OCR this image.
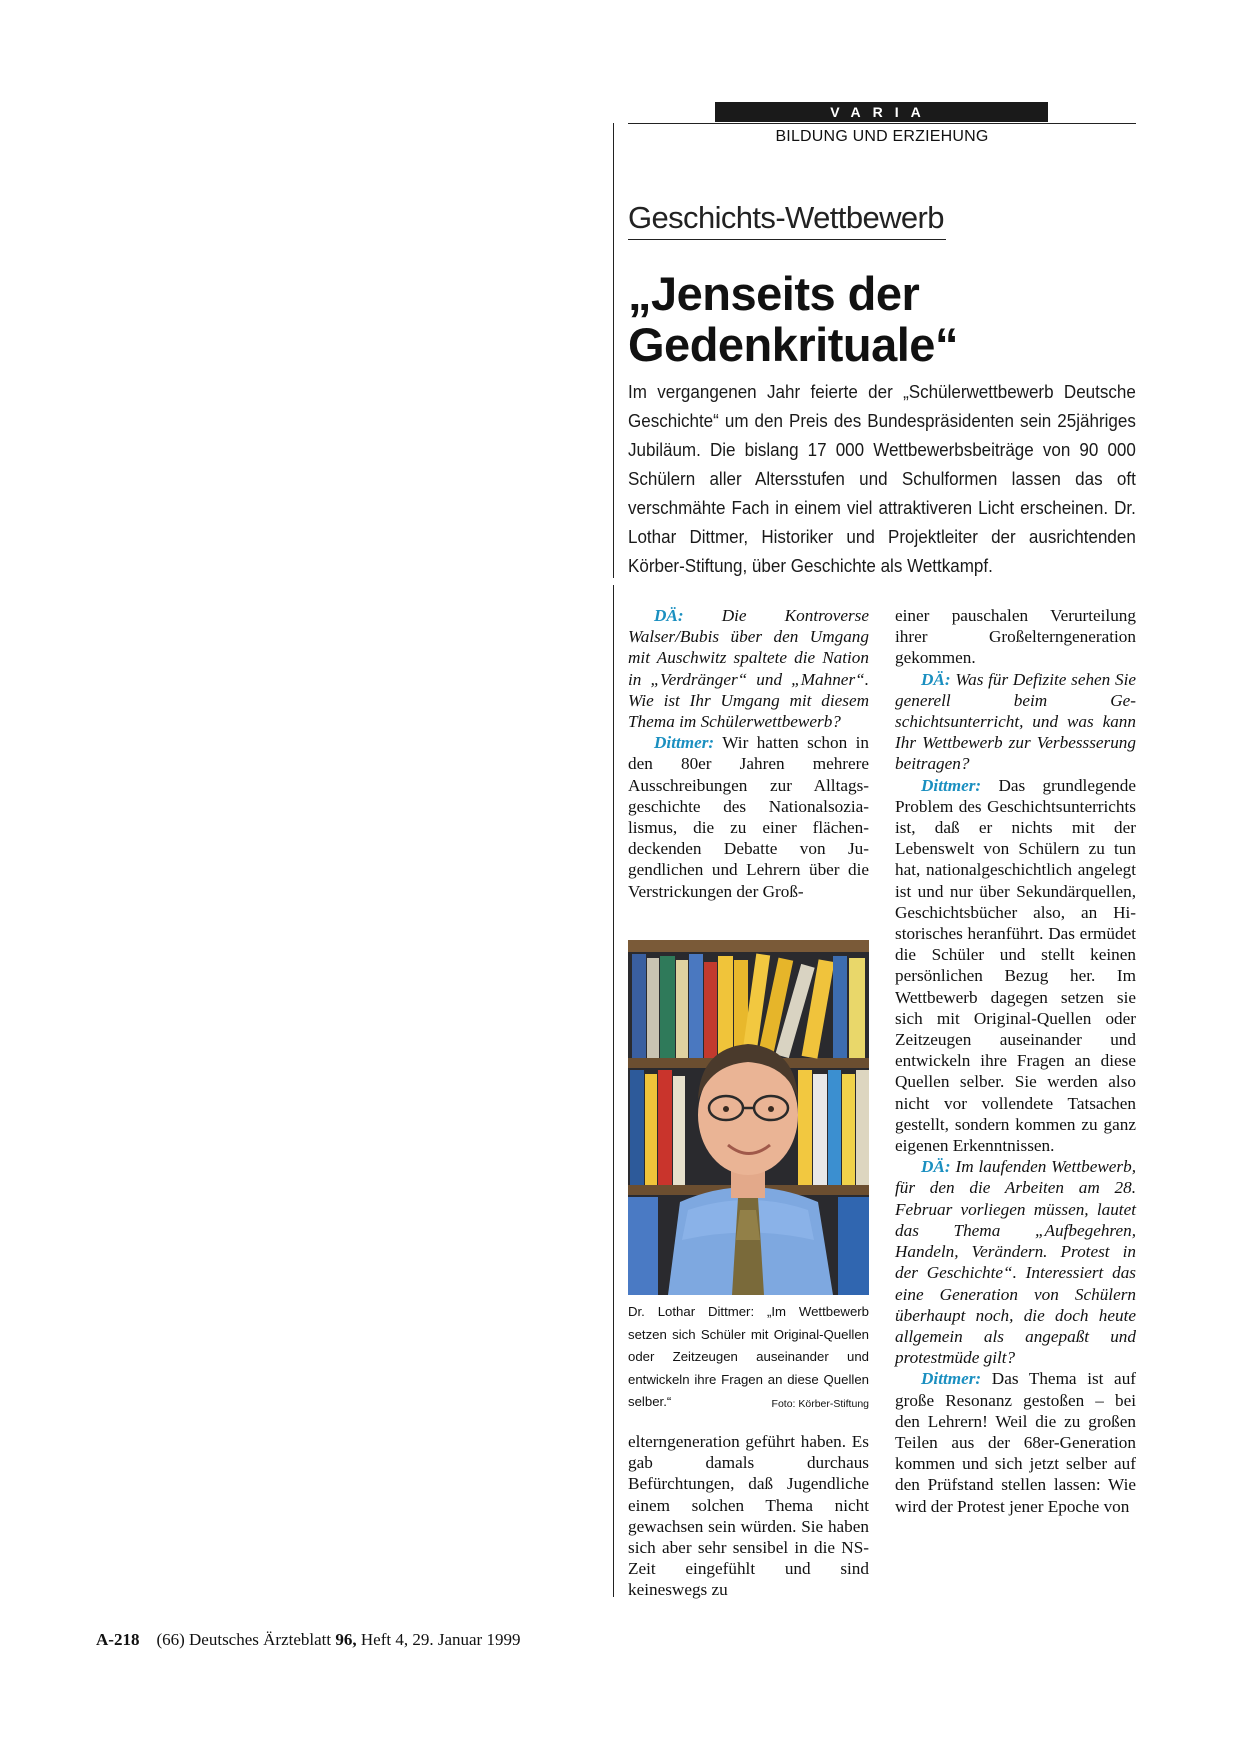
VARIA
BILDUNG UND ERZIEHUNG
Geschichts-Wettbewerb
„Jenseits der
Gedenkrituale“
Im vergangenen Jahr feierte der „Schülerwettbewerb Deutsche Geschichte“ um den Preis des Bundespräsidenten sein 25jähriges Jubiläum. Die bislang 17 000 Wettbewerbsbeiträge von 90 000 Schülern aller Altersstufen und Schulformen lassen das oft verschmähte Fach in einem viel attraktiveren Licht erscheinen. Dr. Lothar Dittmer, Historiker und Projektleiter der ausrichtenden Körber-Stiftung, über Geschichte als Wettkampf.

DÄ: Die Kontroverse Walser/Bubis über den Umgang mit Auschwitz spaltete die Nation in „Verdränger“ und „Mahner“. Wie ist Ihr Umgang mit diesem Thema im Schülerwettbewerb?

Dittmer: Wir hatten schon in den 80er Jahren mehrere Ausschreibungen zur Alltagsgeschichte des Nationalsozialismus, die zu einer flächendeckenden Debatte von Jugendlichen und Lehrern über die Verstrickungen der Groß-

Dr. Lothar Dittmer: „Im Wettbewerb setzen sich Schüler mit Original-Quellen oder Zeitzeugen auseinander und entwickeln ihre Fragen an diese Quellen selber.“	Foto: Körber-Stiftung

elterngeneration geführt haben. Es gab damals durchaus Befürchtungen, daß Jugendliche einem solchen Thema nicht gewachsen sein würden. Sie haben sich aber sehr sensibel in die NS-Zeit eingefühlt und sind keineswegs zu

einer pauschalen Verurteilung ihrer Großelterngeneration gekommen.

DÄ: Was für Defizite sehen Sie generell beim Geschichtsunterricht, und was kann Ihr Wettbewerb zur Verbessserung beitragen?

Dittmer: Das grundlegende Problem des Geschichtsunterrichts ist, daß er nichts mit der Lebenswelt von Schülern zu tun hat, nationalgeschichtlich angelegt ist und nur über Sekundärquellen, Geschichtsbücher also, an Historisches heranführt. Das ermüdet die Schüler und stellt keinen persönlichen Bezug her. Im Wettbewerb dagegen setzen sie sich mit Original-Quellen oder Zeitzeugen auseinander und entwickeln ihre Fragen an diese Quellen selber. Sie werden also nicht vor vollendete Tatsachen gestellt, sondern kommen zu ganz eigenen Erkenntnissen.

DÄ: Im laufenden Wettbewerb, für den die Arbeiten am 28. Februar vorliegen müssen, lautet das Thema „Aufbegehren, Handeln, Verändern. Protest in der Geschichte“. Interessiert das eine Generation von Schülern überhaupt noch, die doch heute allgemein als angepaßt und protestmüde gilt?

Dittmer: Das Thema ist auf große Resonanz gestoßen – bei den Lehrern! Weil die zu großen Teilen aus der 68er-Generation kommen und sich jetzt selber auf den Prüfstand stellen lassen: Wie wird der Protest jener Epoche von

A-218 (66) Deutsches Ärzteblatt 96, Heft 4, 29. Januar 1999
